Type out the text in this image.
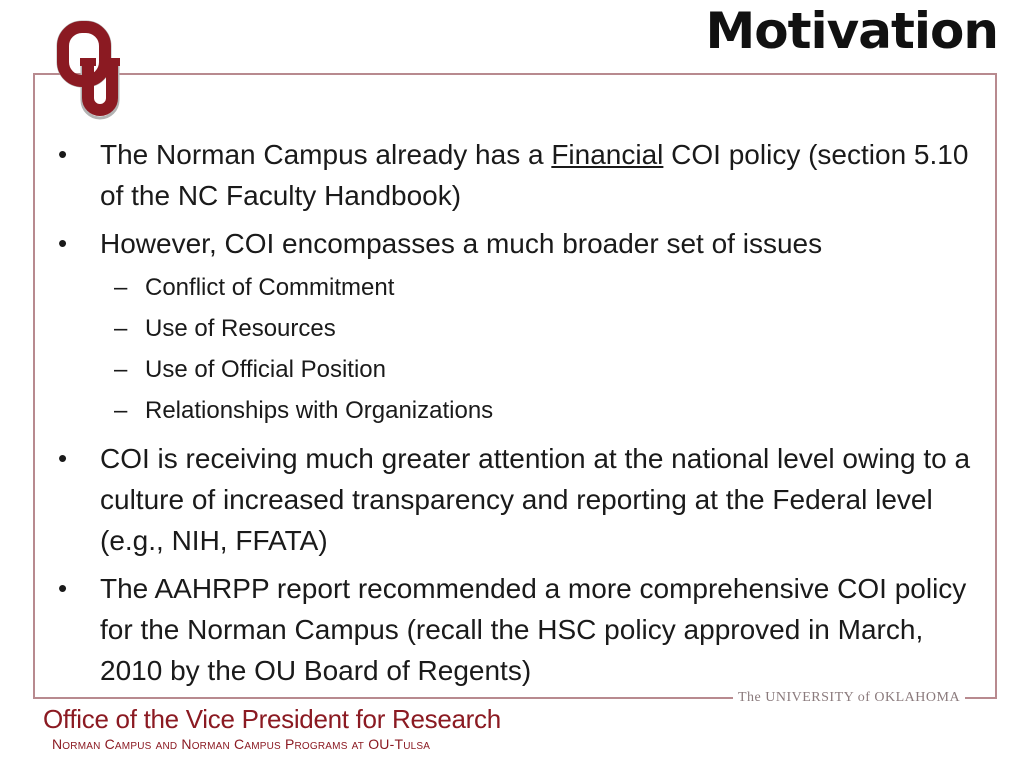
Motivation
• The Norman Campus already has a Financial COI policy (section 5.10 of the NC Faculty Handbook)
• However, COI encompasses a much broader set of issues
– Conflict of Commitment
– Use of Resources
– Use of Official Position
– Relationships with Organizations
• COI is receiving much greater attention at the national level owing to a culture of increased transparency and reporting at the Federal level (e.g., NIH, FFATA)
• The AAHRPP report recommended a more comprehensive COI policy for the Norman Campus (recall the HSC policy approved in March, 2010 by the OU Board of Regents)
The UNIVERSITY of OKLAHOMA
Office of the Vice President for Research
Norman Campus and Norman Campus Programs at OU-Tulsa
